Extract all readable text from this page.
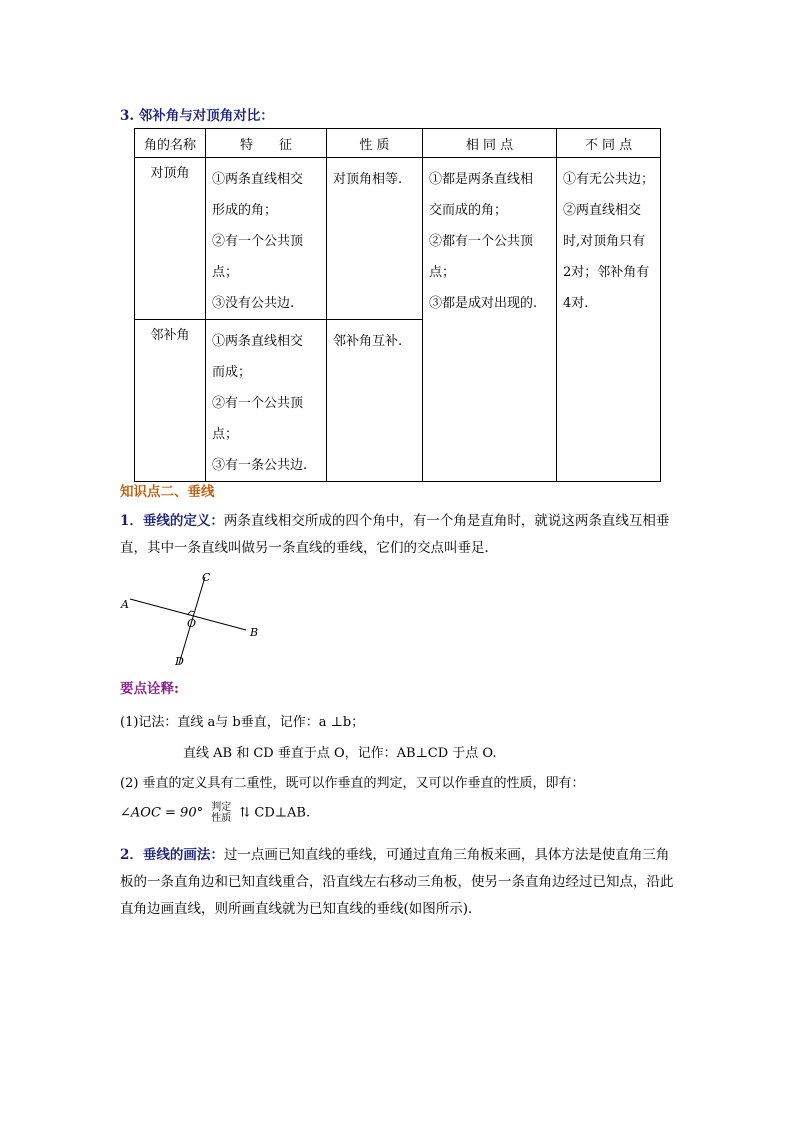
3. 邻补角与对顶角对比：
角的名称	特　　征	性 质	相 同 点	不 同 点

对顶角	①两条直线相交
形成的角；
②有一个公共顶
点；
③没有公共边.	对顶角相等.	①都是两条直线相
交而成的角；
②都有一个公共顶
点；
③都是成对出现的.	①有无公共边；
②两直线相交
时,对顶角只有
2对；邻补角有
4对.

邻补角	①两条直线相交
而成；
②有一个公共顶
点；
③有一条公共边.	邻补角互补.		
知识点二、垂线
1．垂线的定义：两条直线相交所成的四个角中，有一个角是直角时，就说这两条直线互相垂直，其中一条直线叫做另一条直线的垂线，它们的交点叫垂足．
A
B
C
D
O
要点诠释:
(1)记法：直线 a与 b垂直，记作：a ⊥b；
直线 AB 和 CD 垂直于点 O，记作：AB⊥CD 于点 O.
(2) 垂直的定义具有二重性，既可以作垂直的判定，又可以作垂直的性质，即有：
∠AOC = 90° 判定
性质 ⇅ CD⊥AB.
2．垂线的画法：过一点画已知直线的垂线，可通过直角三角板来画，具体方法是使直角三角板的一条直角边和已知直线重合，沿直线左右移动三角板，使另一条直角边经过已知点，沿此直角边画直线，则所画直线就为已知直线的垂线(如图所示)．
